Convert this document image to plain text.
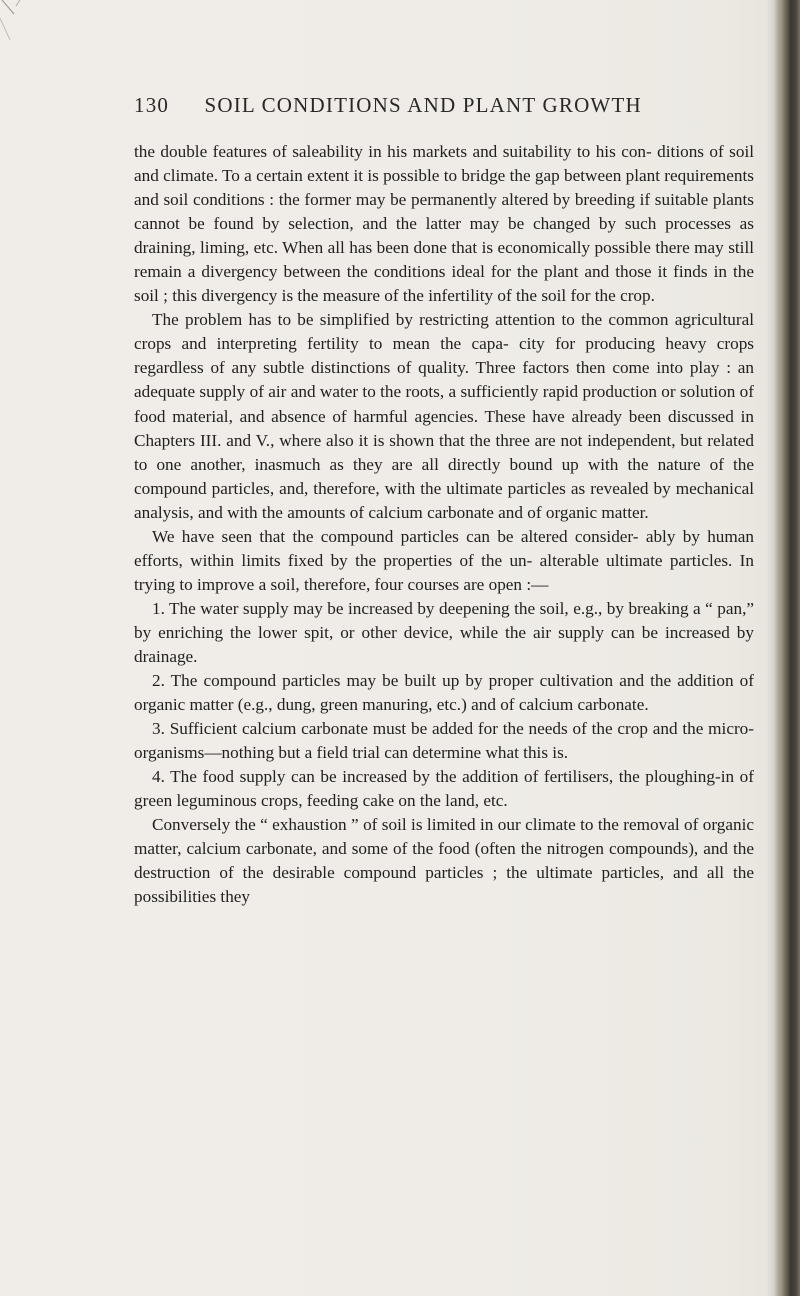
130 SOIL CONDITIONS AND PLANT GROWTH

the double features of saleability in his markets and suitability to his con- ditions of soil and climate. To a certain extent it is possible to bridge the gap between plant requirements and soil conditions : the former may be permanently altered by breeding if suitable plants cannot be found by selection, and the latter may be changed by such processes as draining, liming, etc. When all has been done that is economically possible there may still remain a divergency between the conditions ideal for the plant and those it finds in the soil ; this divergency is the measure of the infertility of the soil for the crop.

The problem has to be simplified by restricting attention to the common agricultural crops and interpreting fertility to mean the capa- city for producing heavy crops regardless of any subtle distinctions of quality. Three factors then come into play : an adequate supply of air and water to the roots, a sufficiently rapid production or solution of food material, and absence of harmful agencies. These have already been discussed in Chapters III. and V., where also it is shown that the three are not independent, but related to one another, inasmuch as they are all directly bound up with the nature of the compound particles, and, therefore, with the ultimate particles as revealed by mechanical analysis, and with the amounts of calcium carbonate and of organic matter.

We have seen that the compound particles can be altered consider- ably by human efforts, within limits fixed by the properties of the un- alterable ultimate particles. In trying to improve a soil, therefore, four courses are open :—

1. The water supply may be increased by deepening the soil, e.g., by breaking a “ pan,” by enriching the lower spit, or other device, while the air supply can be increased by drainage.

2. The compound particles may be built up by proper cultivation and the addition of organic matter (e.g., dung, green manuring, etc.) and of calcium carbonate.

3. Sufficient calcium carbonate must be added for the needs of the crop and the micro-organisms—nothing but a field trial can determine what this is.

4. The food supply can be increased by the addition of fertilisers, the ploughing-in of green leguminous crops, feeding cake on the land, etc.

Conversely the “ exhaustion ” of soil is limited in our climate to the removal of organic matter, calcium carbonate, and some of the food (often the nitrogen compounds), and the destruction of the desirable compound particles ; the ultimate particles, and all the possibilities they
